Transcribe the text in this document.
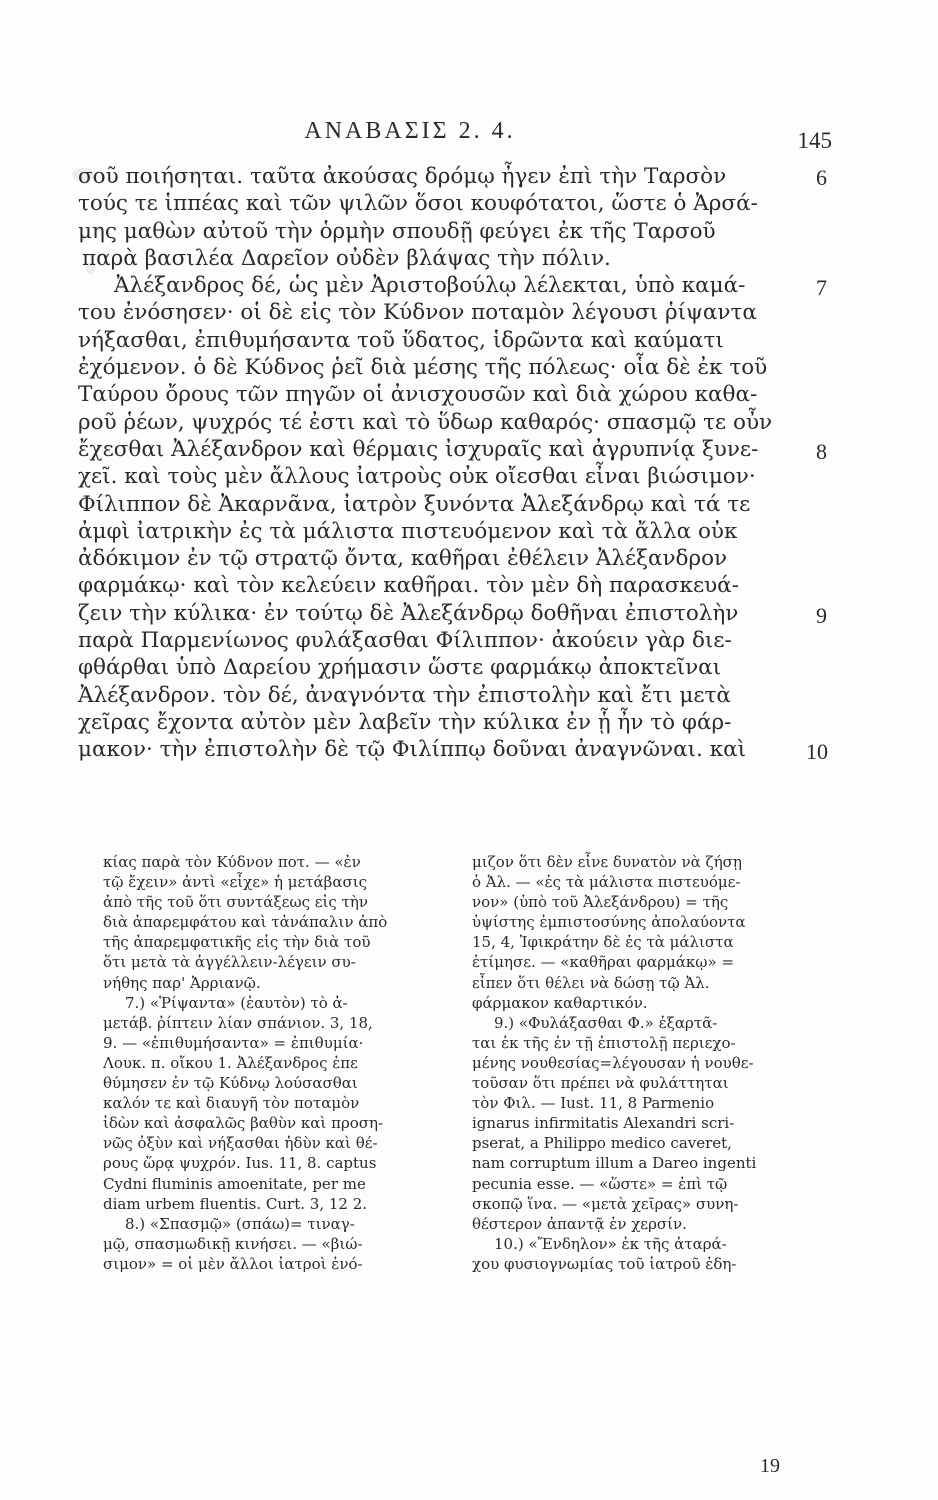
ΑΝΑΒΑΣΙΣ 2. 4.	145
σοῦ ποιήσηται. ταῦτα ἀκούσας δρόμῳ ἦγεν ἐπὶ τὴν Ταρσὸν
τούς τε ἱππέας καὶ τῶν ψιλῶν ὅσοι κουφότατοι, ὥστε ὁ Ἀρσά-
μης μαθὼν αὐτοῦ τὴν ὁρμὴν σπουδῇ φεύγει ἐκ τῆς Ταρσοῦ
παρὰ βασιλέα Δαρεῖον οὐδὲν βλάψας τὴν πόλιν.
Ἀλέξανδρος δέ, ὡς μὲν Ἀριστοβούλῳ λέλεκται, ὑπὸ καμά-
του ἐνόσησεν· οἱ δὲ εἰς τὸν Κύδνον ποταμὸν λέγουσι ῥίψαντα
νήξασθαι, ἐπιθυμήσαντα τοῦ ὕδατος, ἱδρῶντα καὶ καύματι
ἐχόμενον. ὁ δὲ Κύδνος ῥεῖ διὰ μέσης τῆς πόλεως· οἷα δὲ ἐκ τοῦ
Ταύρου ὄρους τῶν πηγῶν οἱ ἀνισχουσῶν καὶ διὰ χώρου καθα-
ροῦ ῥέων, ψυχρός τέ ἐστι καὶ τὸ ὕδωρ καθαρός· σπασμῷ τε οὖν
ἔχεσθαι Ἀλέξανδρον καὶ θέρμαις ἰσχυραῖς καὶ ἀγρυπνίᾳ ξυνε-
χεῖ. καὶ τοὺς μὲν ἄλλους ἰατροὺς οὐκ οἴεσθαι εἶναι βιώσιμον·
Φίλιππον δὲ Ἀκαρνᾶνα, ἰατρὸν ξυνόντα Ἀλεξάνδρῳ καὶ τά τε
ἀμφὶ ἰατρικὴν ἐς τὰ μάλιστα πιστευόμενον καὶ τὰ ἄλλα οὐκ
ἀδόκιμον ἐν τῷ στρατῷ ὄντα, καθῆραι ἐθέλειν Ἀλέξανδρον
φαρμάκῳ· καὶ τὸν κελεύειν καθῆραι. τὸν μὲν δὴ παρασκευά-
ζειν τὴν κύλικα· ἐν τούτῳ δὲ Ἀλεξάνδρῳ δοθῆναι ἐπιστολὴν
παρὰ Παρμενίωνος φυλάξασθαι Φίλιππον· ἀκούειν γὰρ διε-
φθάρθαι ὑπὸ Δαρείου χρήμασιν ὥστε φαρμάκῳ ἀποκτεῖναι
Ἀλέξανδρον. τὸν δέ, ἀναγνόντα τὴν ἐπιστολὴν καὶ ἔτι μετὰ
χεῖρας ἔχοντα αὐτὸν μὲν λαβεῖν τὴν κύλικα ἐν ᾗ ἦν τὸ φάρ-
μακον· τὴν ἐπιστολὴν δὲ τῷ Φιλίππῳ δοῦναι ἀναγνῶναι. καὶ
6
7
8
9
10
κίας παρὰ τὸν Κύδνον ποτ. — «ἐν
τῷ ἔχειν» ἀντὶ «εἶχε» ἡ μετάβασις
ἀπὸ τῆς τοῦ ὅτι συντάξεως εἰς τὴν
διὰ ἀπαρεμφάτου καὶ τἀνάπαλιν ἀπὸ
τῆς ἀπαρεμφατικῆς εἰς τὴν διὰ τοῦ
ὅτι μετὰ τὰ ἀγγέλλειν-λέγειν συ-
νήθης παρ' Ἀρριανῷ.
7.) «Ῥίψαντα» (ἑαυτὸν) τὸ ἀ-
μετάβ. ῥίπτειν λίαν σπάνιον. 3, 18,
9. — «ἐπιθυμήσαντα» = ἐπιθυμία·
Λουκ. π. οἴκου 1. Ἀλέξανδρος ἐπε
θύμησεν ἐν τῷ Κύδνῳ λούσασθαι
καλόν τε καὶ διαυγῆ τὸν ποταμὸν
ἰδὼν καὶ ἀσφαλῶς βαθὺν καὶ προση-
νῶς ὀξὺν καὶ νήξασθαι ἡδὺν καὶ θέ-
ρους ὥρᾳ ψυχρόν. Ius. 11, 8. captus
Cydni fluminis amoenitate, per me
diam urbem fluentis. Curt. 3, 12 2.
8.) «Σπασμῷ» (σπάω)= τιναγ-
μῷ, σπασμωδικῇ κινήσει. — «βιώ-
σιμον» = οἱ μὲν ἄλλοι ἰατροὶ ἐνό-
μιζον ὅτι δὲν εἶνε δυνατὸν νὰ ζήσῃ
ὁ Ἀλ. — «ἐς τὰ μάλιστα πιστευόμε-
νον» (ὑπὸ τοῦ Ἀλεξάνδρου) = τῆς
ὑψίστης ἐμπιστοσύνης ἀπολαύοντα
15, 4, Ἰφικράτην δὲ ἐς τὰ μάλιστα
ἐτίμησε. — «καθῆραι φαρμάκῳ» =
εἶπεν ὅτι θέλει νὰ δώσῃ τῷ Ἀλ.
φάρμακον καθαρτικόν.
9.) «Φυλάξασθαι Φ.» ἐξαρτᾶ-
ται ἐκ τῆς ἐν τῇ ἐπιστολῇ περιεχο-
μένης νουθεσίας=λέγουσαν ἡ νουθε-
τοῦσαν ὅτι πρέπει νὰ φυλάττηται
τὸν Φιλ. — Iust. 11, 8 Parmenio
ignarus infirmitatis Alexandri scri-
pserat, a Philippo medico caveret,
nam corruptum illum a Dareo ingenti
pecunia esse. — «ὥστε» = ἐπὶ τῷ
σκοπῷ ἵνα. — «μετὰ χεῖρας» συνη-
θέστερον ἀπαντᾷ ἐν χερσίν.
10.) «Ἔνδηλον» ἐκ τῆς ἀταρά-
χου φυσιογνωμίας τοῦ ἰατροῦ ἐδη-
19
